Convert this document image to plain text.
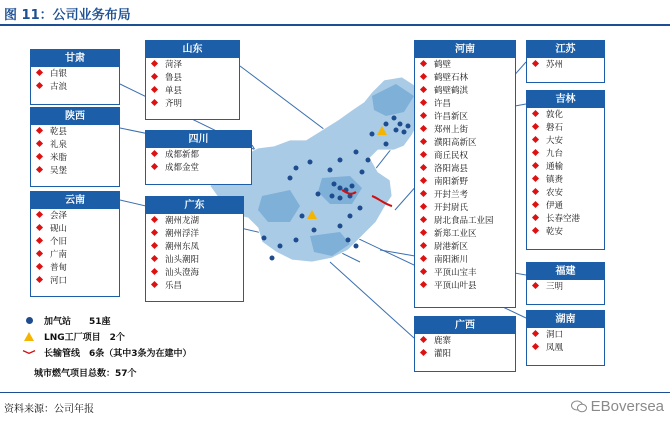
图 11：公司业务布局
甘肃
白银
古浪
陕西
乾县
礼泉
米脂
吴堡
云南
会泽
砚山
个旧
广南
普甸
河口
山东
菏泽
鲁县
单县
齐明
四川
成都新都
成都金堂
广东
潮州龙湖
潮州浮洋
潮州东凤
汕头潮阳
汕头澄海
乐昌
河南
鹤壁
鹤壁石林
鹤壁鹤淇
许昌
许昌新区
郑州上街
濮阳高新区
商丘民权
洛阳嵩县
南阳新野
开封兰考
开封尉氏
尉北食品工业园
新郑工业区
尉港新区
南阳淅川
平顶山宝丰
平顶山叶县
广西
鹿寨
灌阳
江苏
苏州
吉林
敦化
磐石
大安
九台
通榆
镇赉
农安
伊通
长春空港
乾安
福建
三明
湖南
洞口
凤凰
加气站　　51座
LNG工厂项目　2个
长输管线　6条（其中3条为在建中）
城市燃气项目总数：57个
资料来源：公司年报	EBoversea
